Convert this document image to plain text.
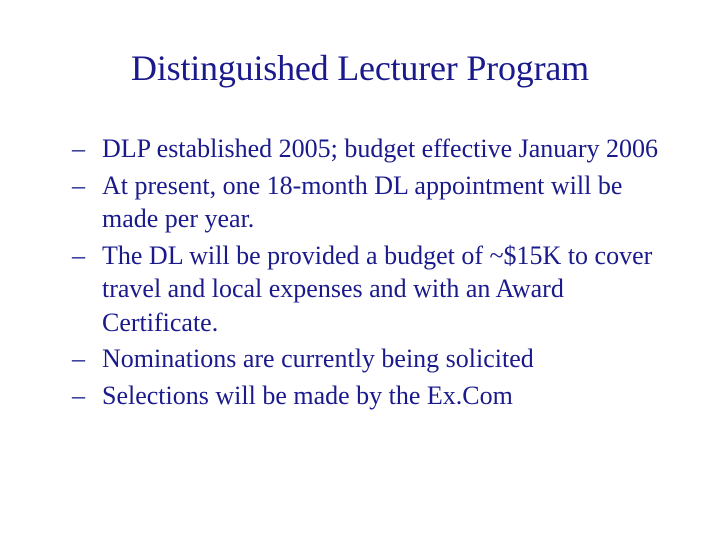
Distinguished Lecturer Program
– DLP established 2005; budget effective January 2006
– At present, one 18-month DL appointment will be made per year.
– The DL will be provided a budget of ~$15K to cover travel and local expenses and with an Award Certificate.
– Nominations are currently being solicited
– Selections will be made by the Ex.Com
